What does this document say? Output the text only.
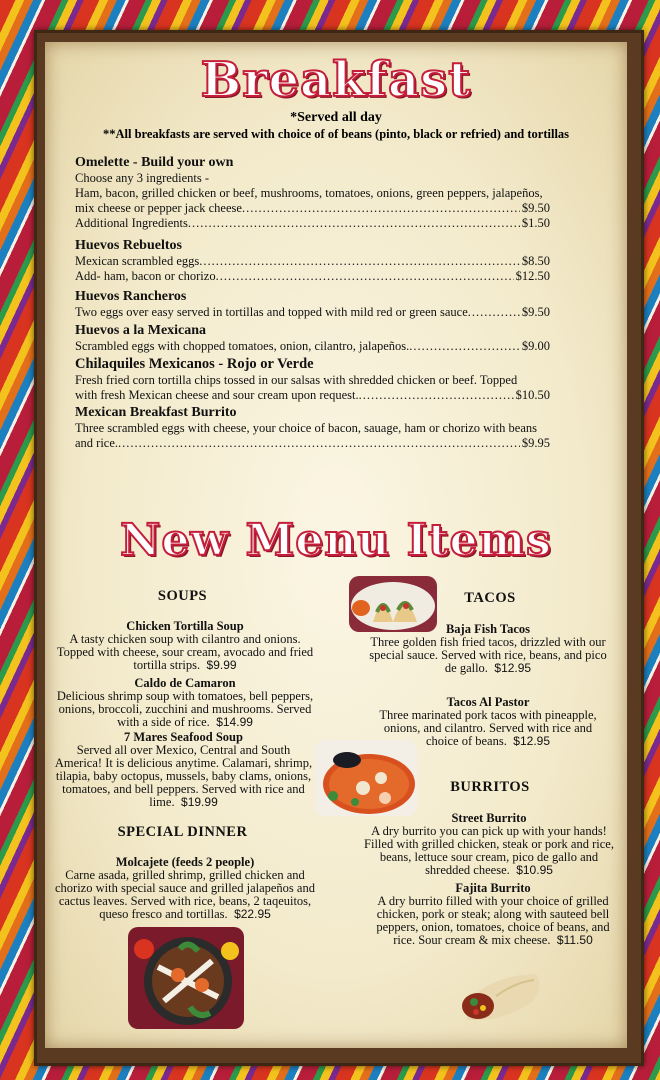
Breakfast
*Served all day
**All breakfasts are served with choice of of beans (pinto, black or refried) and tortillas
Omelette - Build your own
Choose any 3 ingredients -
Ham, bacon, grilled chicken or beef, mushrooms, tomatoes, onions, green peppers, jalapeños,
mix cheese or pepper jack cheese .....	$9.50
Additional Ingredients .....	$1.50
Huevos Rebueltos
Mexican scrambled eggs .....	$8.50
Add- ham, bacon or chorizo .....	$12.50
Huevos Rancheros
Two eggs over easy served in tortillas and topped with mild red or green sauce .....	$9.50
Huevos a la Mexicana
Scrambled eggs with chopped tomatoes, onion, cilantro, jalapeños. .....	$9.00
Chilaquiles Mexicanos - Rojo or Verde
Fresh fried corn tortilla chips tossed in our salsas with shredded chicken or beef. Topped
with fresh Mexican cheese and sour cream upon request. .....	$10.50
Mexican Breakfast Burrito
Three scrambled eggs with cheese, your choice of bacon, sauage, ham or chorizo with beans
and rice. .....	$9.95
New Menu Items
SOUPS
Chicken Tortilla Soup
A tasty chicken soup with cilantro and onions. Topped with cheese, sour cream, avocado and fried tortilla strips.  $9.99
Caldo de Camaron
Delicious shrimp soup with tomatoes, bell peppers, onions, broccoli, zucchini and mushrooms. Served with a side of rice.  $14.99
7 Mares Seafood Soup
Served all over Mexico, Central and South America! It is delicious anytime. Calamari, shrimp, tilapia, baby octopus, mussels, baby clams, onions, tomatoes, and bell peppers. Served with rice and lime.  $19.99
SPECIAL DINNER
Molcajete (feeds 2 people)
Carne asada, grilled shrimp, grilled chicken and chorizo with special sauce and grilled jalapeños and cactus leaves. Served with rice, beans, 2 taqeuitos, queso fresco and tortillas.  $22.95
TACOS
Baja Fish Tacos
Three golden fish fried tacos, drizzled with our special sauce. Served with rice, beans, and pico de gallo.  $12.95
Tacos Al Pastor
Three marinated pork tacos with pineapple, onions, and cilantro. Served with rice and choice of beans.  $12.95
BURRITOS
Street Burrito
A dry burrito you can pick up with your hands! Filled with grilled chicken, steak or pork and rice, beans, lettuce sour cream, pico de gallo and shredded cheese.  $10.95
Fajita Burrito
A dry burrito filled with your choice of grilled chicken, pork or steak; along with sauteed bell peppers, onion, tomatoes, choice of beans, and rice. Sour cream & mix cheese.  $11.50
